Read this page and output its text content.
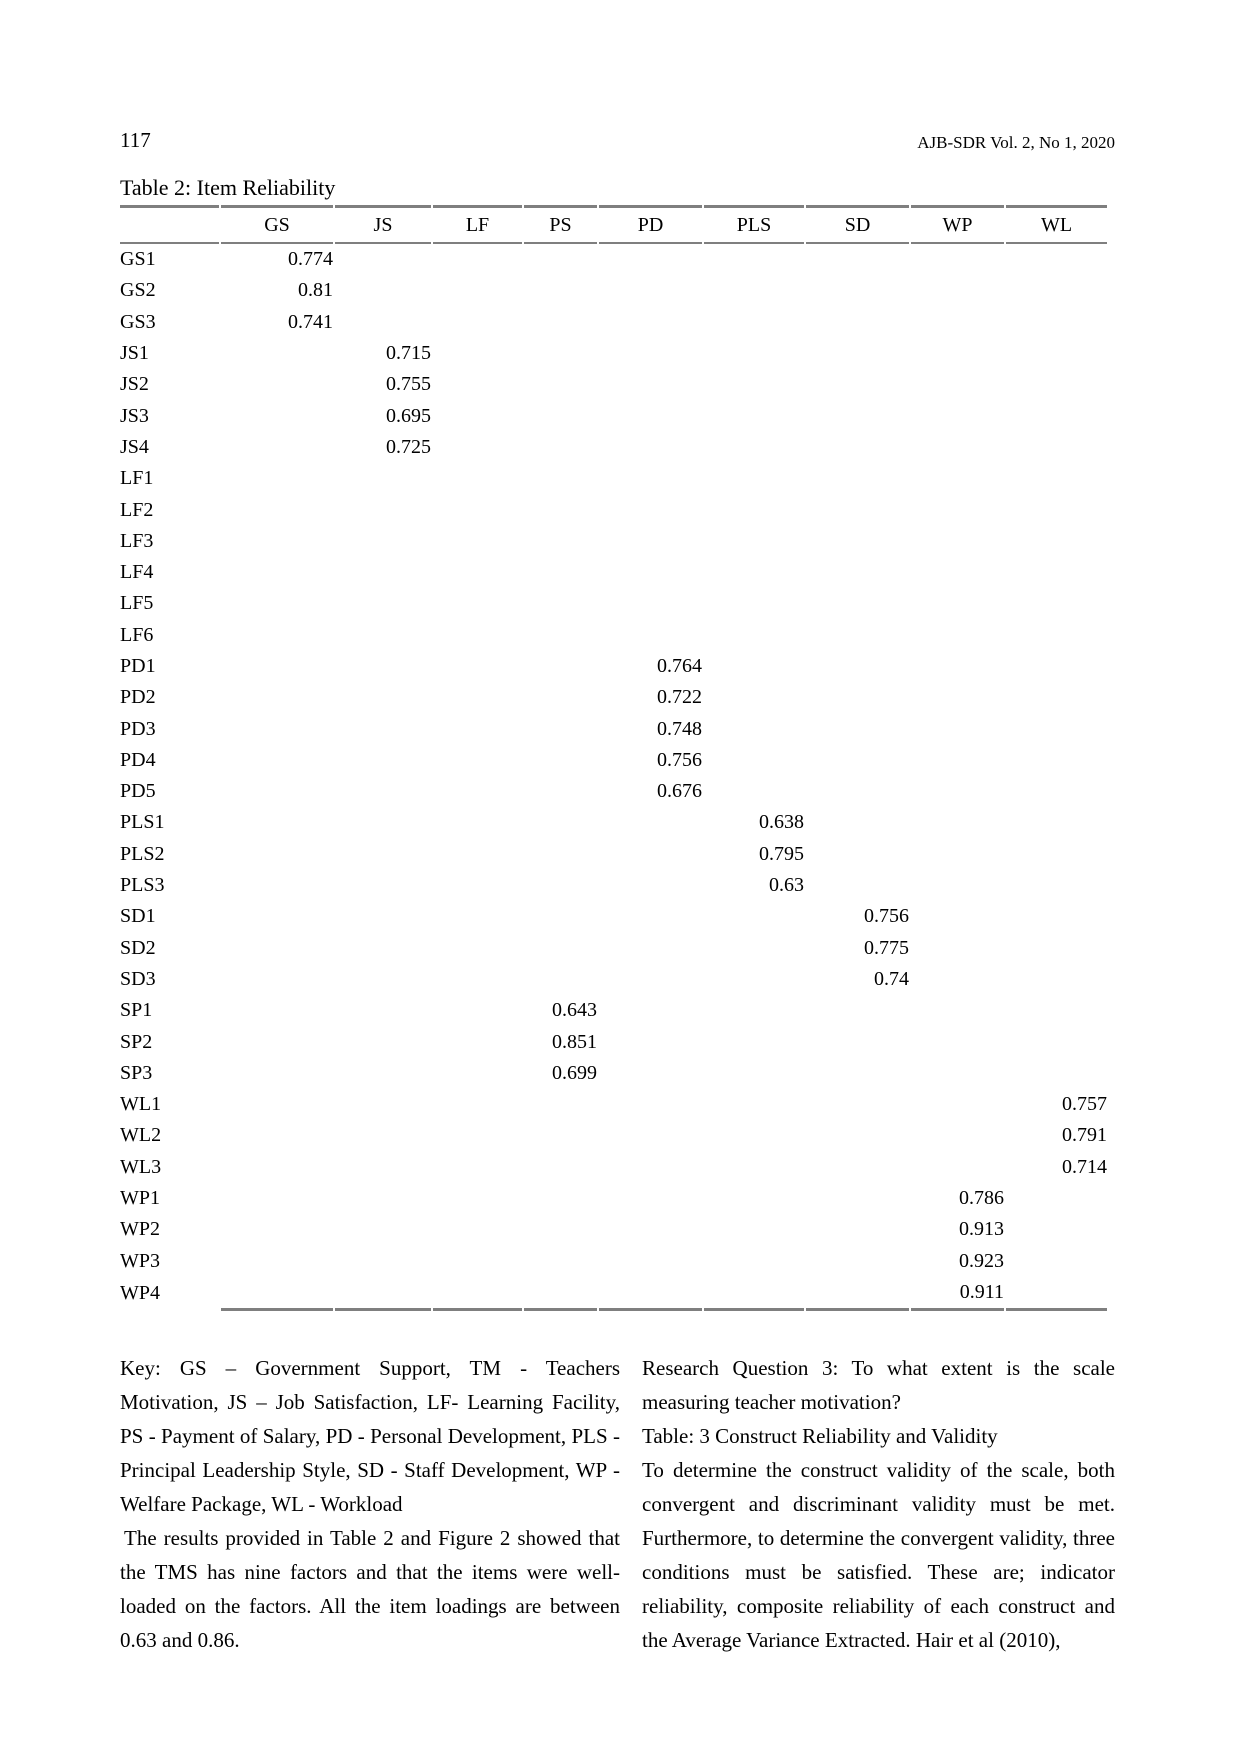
117	AJB-SDR Vol. 2, No 1, 2020
Table 2: Item Reliability
	GS	JS	LF	PS	PD	PLS	SD	WP	WL
GS1	0.774								
GS2	0.81								
GS3	0.741								
JS1		0.715							
JS2		0.755							
JS3		0.695							
JS4		0.725							
LF1									
LF2									
LF3									
LF4									
LF5									
LF6									
PD1					0.764				
PD2					0.722				
PD3					0.748				
PD4					0.756				
PD5					0.676				
PLS1						0.638			
PLS2						0.795			
PLS3						0.63			
SD1							0.756		
SD2							0.775		
SD3							0.74		
SP1				0.643					
SP2				0.851					
SP3				0.699					
WL1									0.757
WL2									0.791
WL3									0.714
WP1								0.786	
WP2								0.913	
WP3								0.923	
WP4								0.911	

Key: GS – Government Support, TM - Teachers Motivation, JS – Job Satisfaction, LF- Learning Facility, PS - Payment of Salary, PD - Personal Development, PLS - Principal Leadership Style, SD - Staff Development, WP - Welfare Package, WL - Workload

The results provided in Table 2 and Figure 2 showed that the TMS has nine factors and that the items were well-loaded on the factors. All the item loadings are between 0.63 and 0.86.

Research Question 3: To what extent is the scale measuring teacher motivation?

Table: 3 Construct Reliability and Validity

To determine the construct validity of the scale, both convergent and discriminant validity must be met. Furthermore, to determine the convergent validity, three conditions must be satisfied. These are; indicator reliability, composite reliability of each construct and the Average Variance Extracted. Hair et al (2010),
